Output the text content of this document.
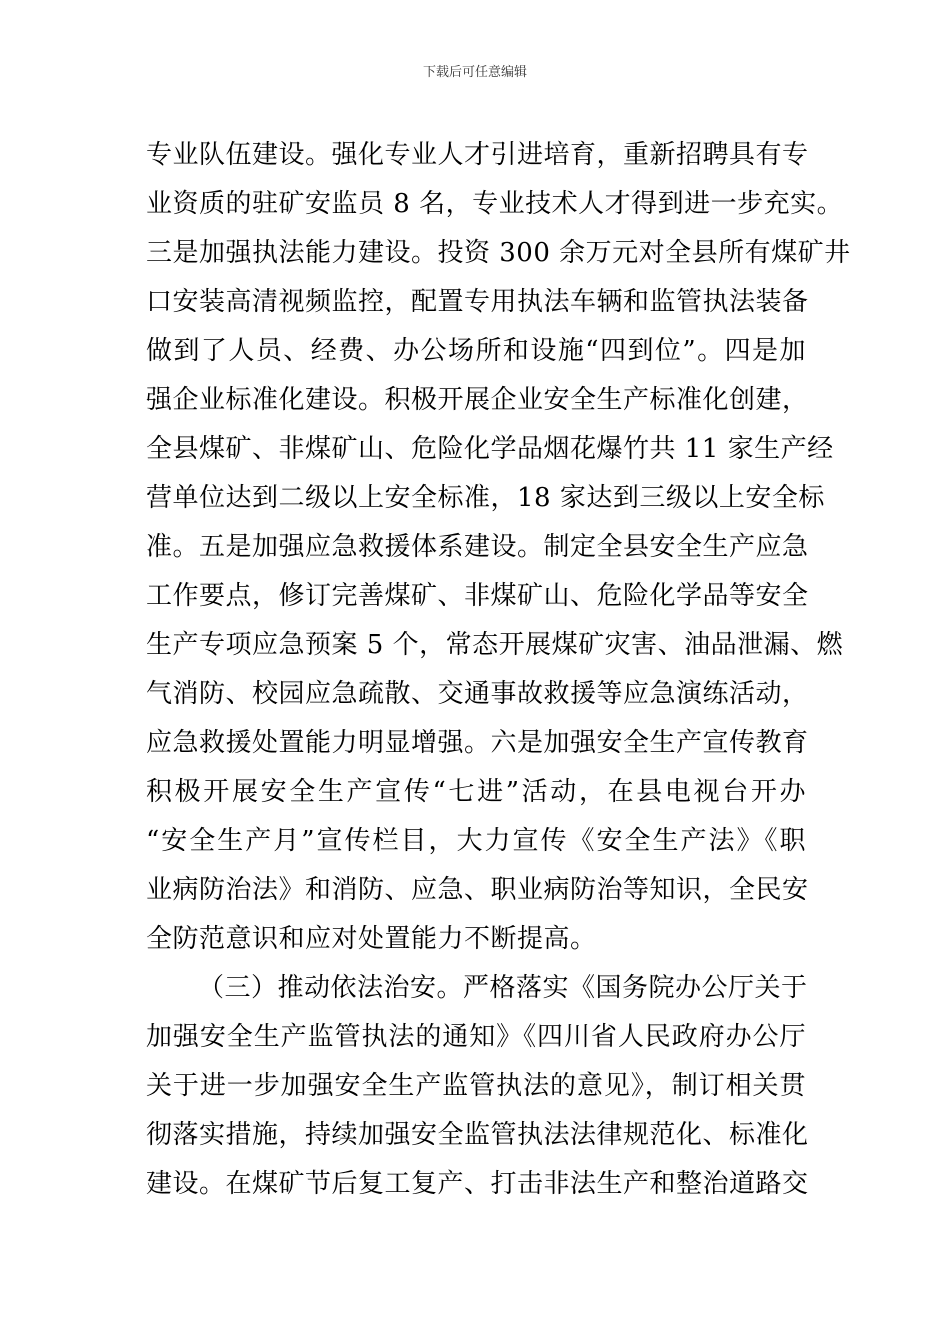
下载后可任意编辑
专业队伍建设。强化专业人才引进培育，重新招聘具有专
业资质的驻矿安监员 8 名，专业技术人才得到进一步充实。
三是加强执法能力建设。投资 300 余万元对全县所有煤矿井
口安装高清视频监控，配置专用执法车辆和监管执法装备
做到了人员、经费、办公场所和设施“四到位”。四是加
强企业标准化建设。积极开展企业安全生产标准化创建，
全县煤矿、非煤矿山、危险化学品烟花爆竹共 11 家生产经
营单位达到二级以上安全标准，18 家达到三级以上安全标
准。五是加强应急救援体系建设。制定全县安全生产应急
工作要点，修订完善煤矿、非煤矿山、危险化学品等安全
生产专项应急预案 5 个，常态开展煤矿灾害、油品泄漏、燃
气消防、校园应急疏散、交通事故救援等应急演练活动，
应急救援处置能力明显增强。六是加强安全生产宣传教育
积极开展安全生产宣传“七进”活动，在县电视台开办
“安全生产月”宣传栏目，大力宣传《安全生产法》《职
业病防治法》和消防、应急、职业病防治等知识，全民安
全防范意识和应对处置能力不断提高。
（三）推动依法治安。严格落实《国务院办公厅关于
加强安全生产监管执法的通知》《四川省人民政府办公厅
关于进一步加强安全生产监管执法的意见》，制订相关贯
彻落实措施，持续加强安全监管执法法律规范化、标准化
建设。在煤矿节后复工复产、打击非法生产和整治道路交
